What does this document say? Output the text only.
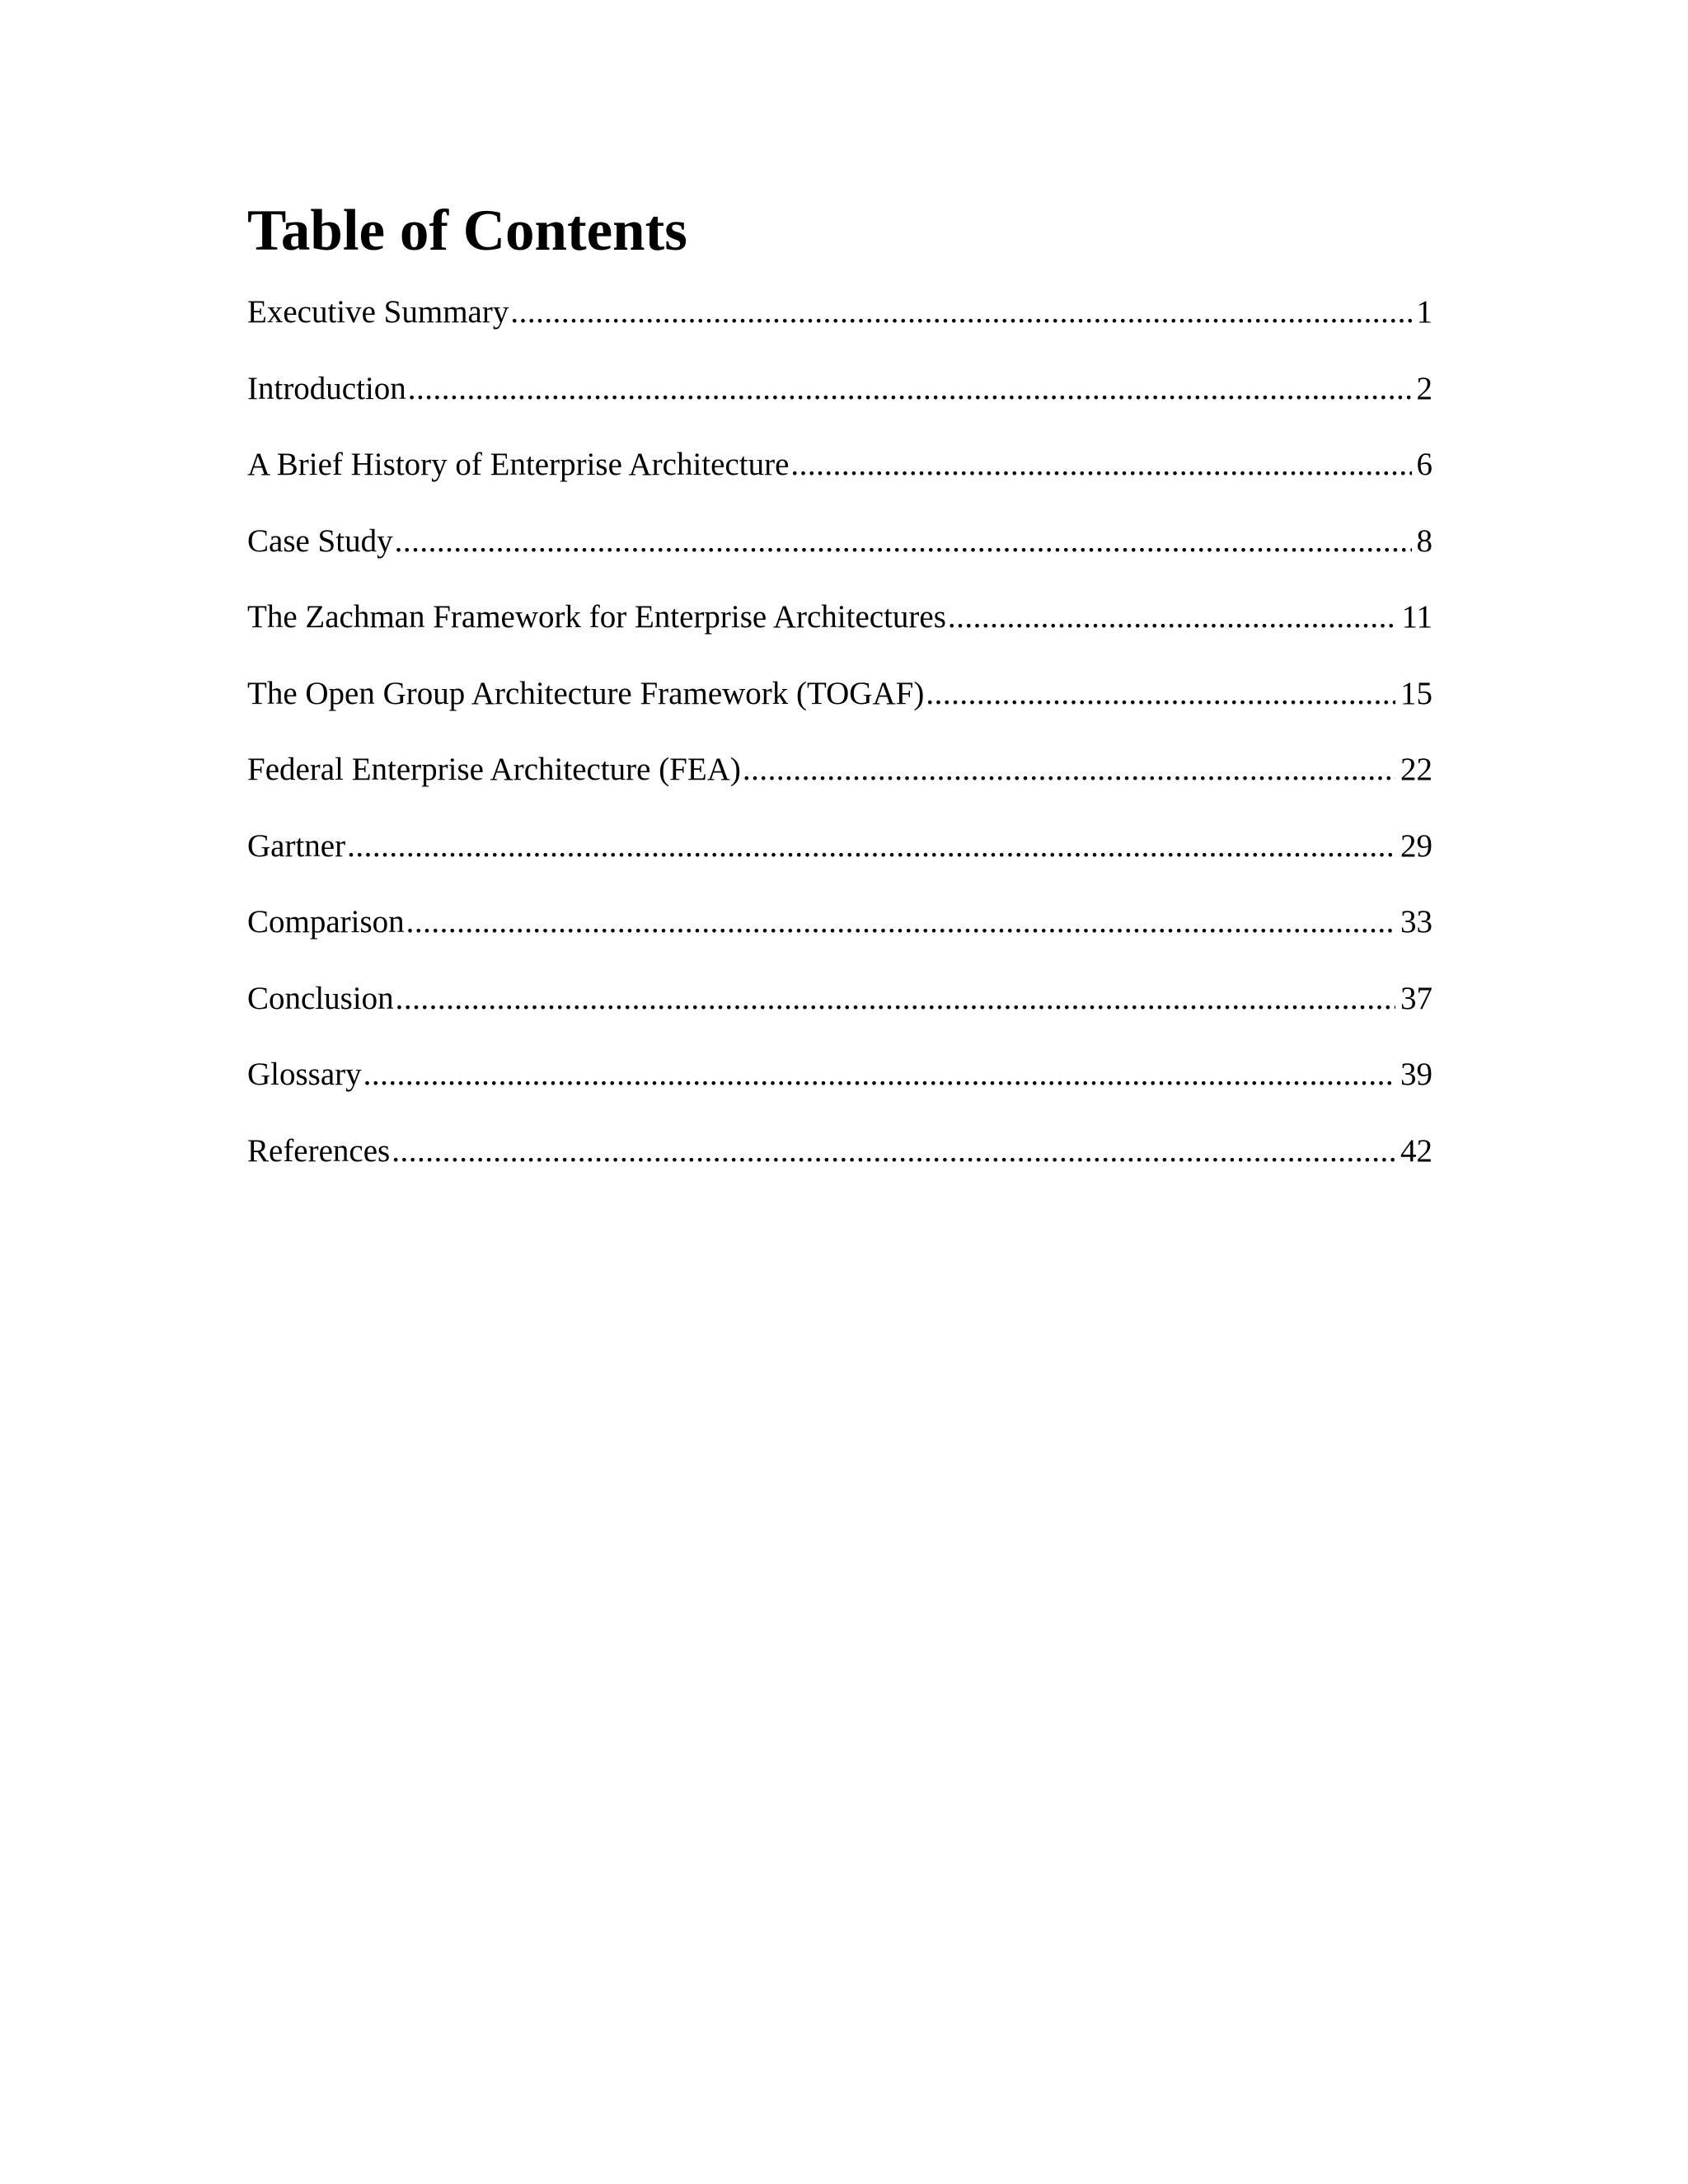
Table of Contents
Executive Summary .....	1
Introduction .....	2
A Brief History of Enterprise Architecture .....	6
Case Study .....	8
The Zachman Framework for Enterprise Architectures .....	11
The Open Group Architecture Framework (TOGAF) .....	15
Federal Enterprise Architecture (FEA) .....	22
Gartner .....	29
Comparison .....	33
Conclusion .....	37
Glossary .....	39
References .....	42
